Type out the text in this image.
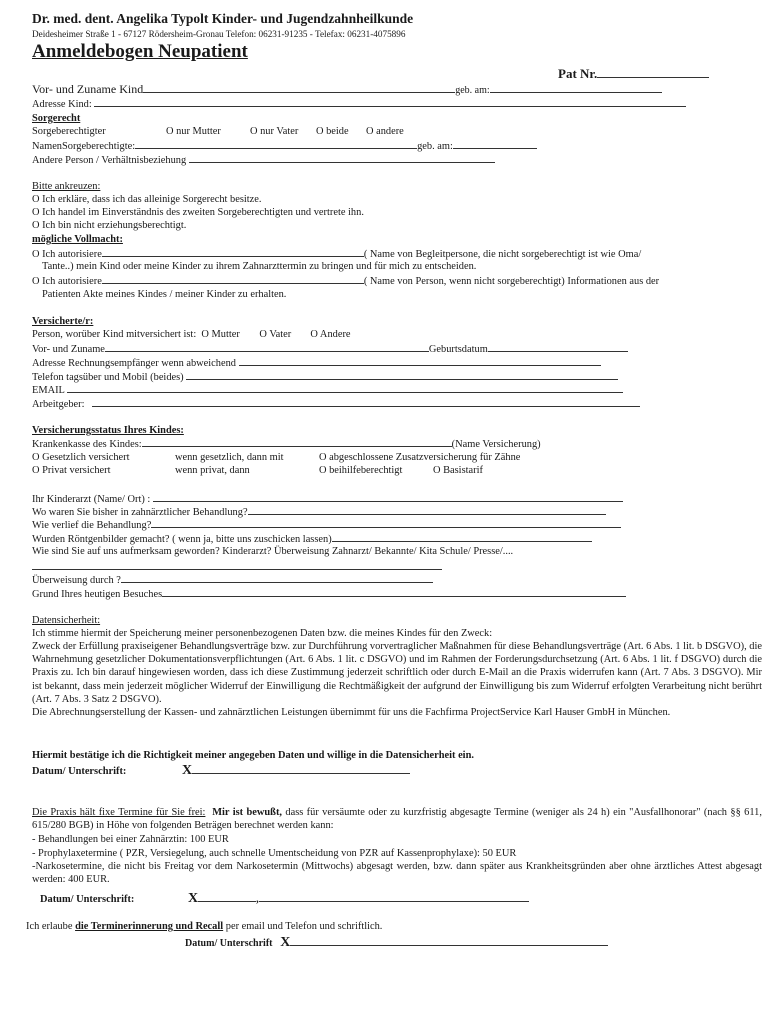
Dr. med. dent. Angelika Typolt Kinder- und Jugendzahnheilkunde
Deidesheimer Straße 1 - 67127 Rödersheim-Gronau Telefon: 06231-91235 - Telefax: 06231-4075896
Anmeldebogen Neupatient
Pat Nr.
Vor- und Zuname Kind	geb. am:
Adresse Kind:
Sorgerecht
Sorgeberechtigter	O nur Mutter	O nur Vater O beide O andere
NamenSorgeberechtigte:	geb. am:
Andere Person / Verhältnisbeziehung
Bitte ankreuzen:
O Ich erkläre, dass ich das alleinige Sorgerecht besitze.
O Ich handel im Einverständnis des zweiten Sorgeberechtigten und vertrete ihn.
O Ich bin nicht erziehungsberechtigt.
mögliche Vollmacht:
O Ich autorisiere	( Name von Begleitpersone, die nicht sorgeberechtigt ist wie Oma/
Tante..) mein Kind oder meine Kinder zu ihrem Zahnarzttermin zu bringen und für mich zu entscheiden.
O Ich autorisiere	( Name von Person, wenn nicht sorgeberechtigt) Informationen aus der
Patienten Akte meines Kindes / meiner Kinder zu erhalten.
Versicherte/r:
Person, worüber Kind mitversichert ist: O Mutter O Vater O Andere
Vor- und Zuname	Geburtsdatum
Adresse Rechnungsempfänger wenn abweichend
Telefon tagsüber und Mobil (beides)
EMAIL
Arbeitgeber:
Versicherungsstatus Ihres Kindes:
Krankenkasse des Kindes:	(Name Versicherung)
O Gesetzlich versichert	wenn gesetzlich, dann mit	O abgeschlossene Zusatzversicherung für Zähne
O Privat versichert	wenn privat, dann	O beihilfeberechtigt	O Basistarif
Ihr Kinderarzt (Name/ Ort) :
Wo waren Sie bisher in zahnärztlicher Behandlung?
Wie verlief die Behandlung?
Wurden Röntgenbilder gemacht? ( wenn ja, bitte uns zuschicken lassen)
Wie sind Sie auf uns aufmerksam geworden? Kinderarzt? Überweisung Zahnarzt/ Bekannte/ Kita Schule/ Presse/....
Überweisung durch ?
Grund Ihres heutigen Besuches
Datensicherheit:
Ich stimme hiermit der Speicherung meiner personenbezogenen Daten bzw. die meines Kindes für den Zweck:
Zweck der Erfüllung praxiseigener Behandlungsverträge bzw. zur Durchführung vorvertraglicher Maßnahmen für diese Behandlungsverträge (Art. 6 Abs. 1 lit. b DSGVO), die Wahrnehmung gesetzlicher Dokumentationsverpflichtungen (Art. 6 Abs. 1 lit. c DSGVO) und im Rahmen der Forderungsdurchsetzung (Art. 6 Abs. 1 lit. f DSGVO) durch die Praxis zu. Ich bin darauf hingewiesen worden, dass ich diese Zustimmung jederzeit schriftlich oder durch E-Mail an die Praxis widerrufen kann (Art. 7 Abs. 3 DSGVO). Mir ist bekannt, dass mein jederzeit möglicher Widerruf der Einwilligung die Rechtmäßigkeit der aufgrund der Einwilligung bis zum Widerruf erfolgten Verarbeitung nicht berührt (Art. 7 Abs. 3 Satz 2 DSGVO).
Die Abrechnungserstellung der Kassen- und zahnärztlichen Leistungen übernimmt für uns die Fachfirma ProjectService Karl Hauser GmbH in München.
Hiermit bestätige ich die Richtigkeit meiner angegeben Daten und willige in die Datensicherheit ein.
Datum/ Unterschrift:	X
Die Praxis hält fixe Termine für Sie frei: Mir ist bewußt, dass für versäumte oder zu kurzfristig abgesagte Termine (weniger als 24 h) ein "Ausfallhonorar" (nach §§ 611, 615/280 BGB) in Höhe von folgenden Beträgen berechnet werden kann:
- Behandlungen bei einer Zahnärztin: 100 EUR
- Prophylaxetermine ( PZR, Versiegelung, auch schnelle Umentscheidung von PZR auf Kassenprophylaxe): 50 EUR
-Narkosetermine, die nicht bis Freitag vor dem Narkosetermin (Mittwochs) abgesagt werden, bzw. dann später aus Krankheitsgründen aber ohne ärztliches Attest abgesagt werden: 400 EUR.
Datum/ Unterschrift:	X	,
Ich erlaube die Terminerinnerung und Recall per email und Telefon und schriftlich.
Datum/ Unterschrift X
